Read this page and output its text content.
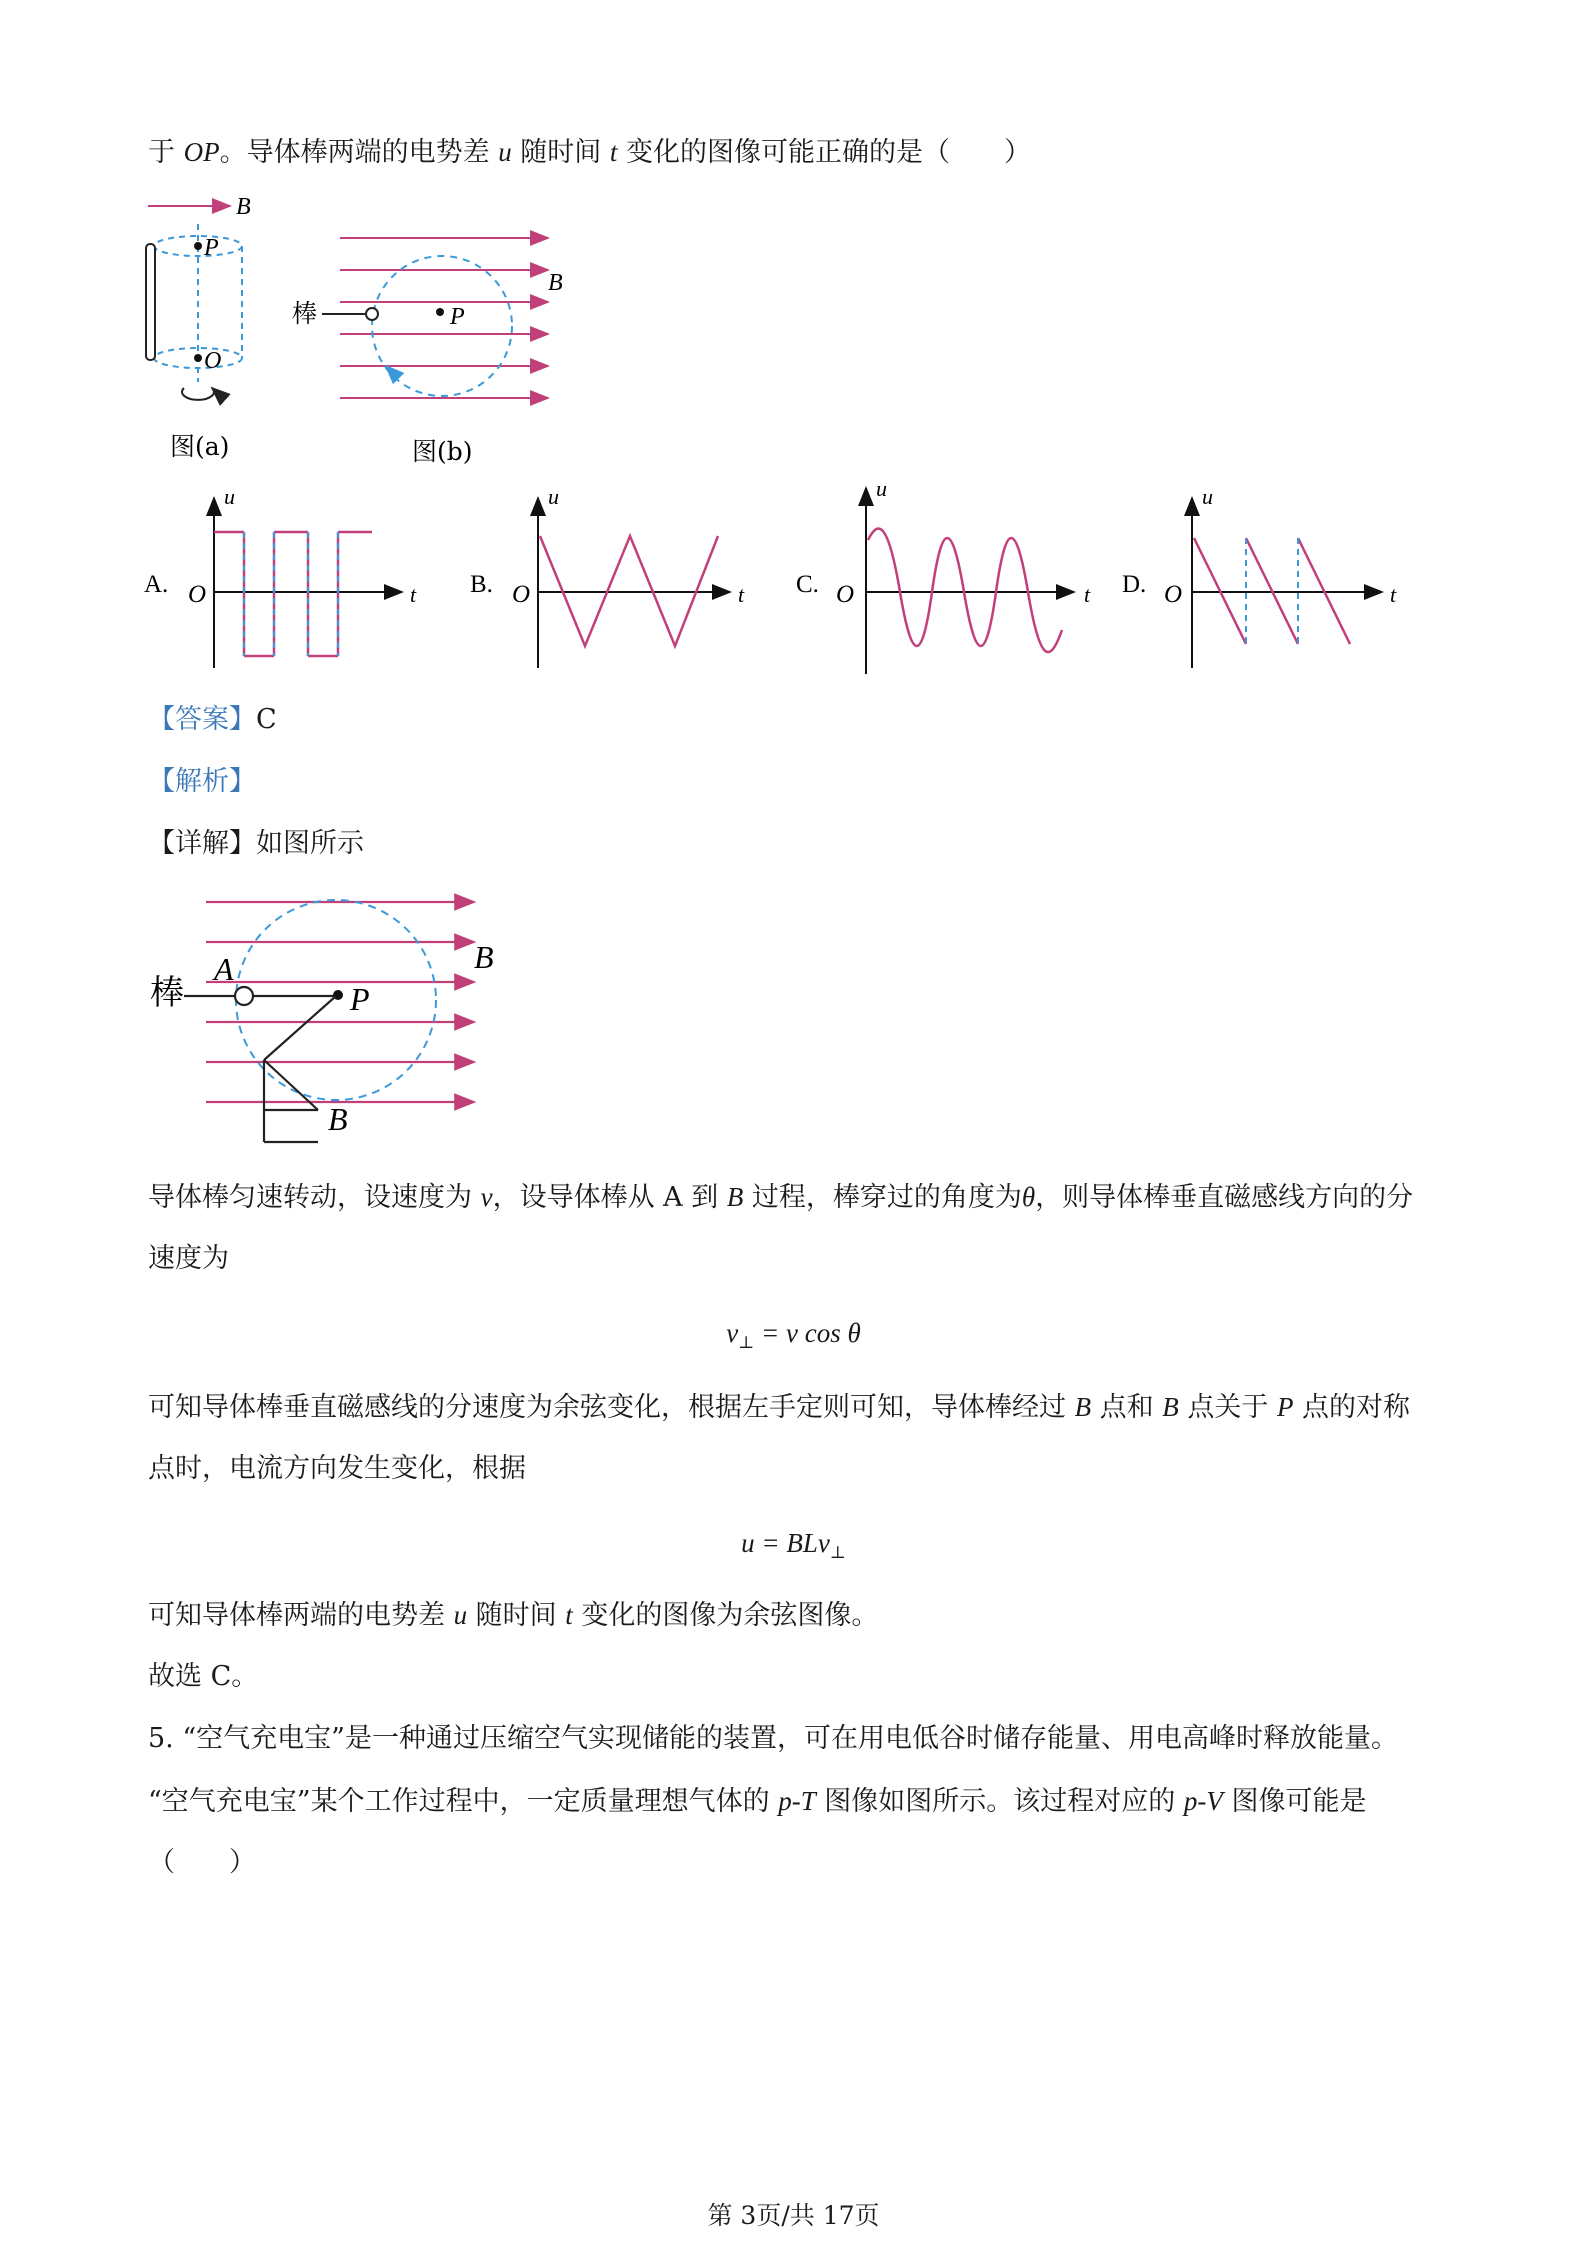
于 OP。导体棒两端的电势差 u 随时间 t 变化的图像可能正确的是（　　）
B
P
O
图(a)
B
棒	P
图(b)
A. O
u
t B. O
u
t C. O
u
t D. O
u
t
【答案】C
【解析】
【详解】如图所示
棒
A	B
P
B
导体棒匀速转动，设速度为 v，设导体棒从 A 到 B 过程，棒穿过的角度为θ，则导体棒垂直磁感线方向的分
速度为
$v_\perp = v$ cos θ
可知导体棒垂直磁感线的分速度为余弦变化，根据左手定则可知，导体棒经过 B 点和 B 点关于 P 点的对称
点时，电流方向发生变化，根据
u = BLv$_\perp$
可知导体棒两端的电势差 u 随时间 t 变化的图像为余弦图像。
故选 C。
5. “空气充电宝”是一种通过压缩空气实现储能的装置，可在用电低谷时储存能量、用电高峰时释放能量。
“空气充电宝”某个工作过程中，一定质量理想气体的 p-T 图像如图所示。该过程对应的 p-V 图像可能是
（　　）
第 3页/共 17页
